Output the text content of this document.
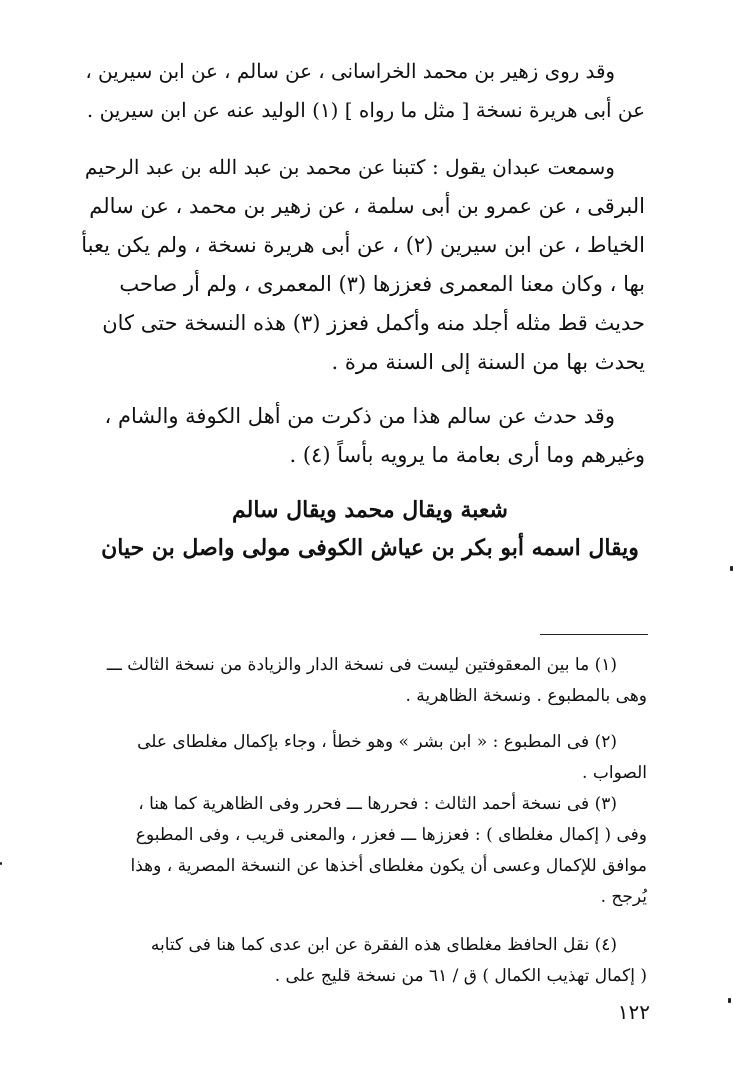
وقد روى زهير بن محمد الخراسانى ، عن سالم ، عن ابن سيرين ،
عن أبى هريرة نسخة [ مثل ما رواه ] (١) الوليد عنه عن ابن سيرين .
وسمعت عبدان يقول : كتبنا عن محمد بن عبد الله بن عبد الرحيم
البرقى ، عن عمرو بن أبى سلمة ، عن زهير بن محمد ، عن سالم
الخياط ، عن ابن سيرين (٢) ، عن أبى هريرة نسخة ، ولم يكن يعبأ
بها ، وكان معنا المعمرى فعززها (٣) المعمرى ، ولم أر صاحب
حديث قط مثله أجلد منه وأكمل فعزز (٣) هذه النسخة حتى كان
يحدث بها من السنة إلى السنة مرة .
وقد حدث عن سالم هذا من ذكرت من أهل الكوفة والشام ،
وغيرهم وما أرى بعامة ما يرويه بأساً (٤) .
شعبة ويقال محمد ويقال سالم
ويقال اسمه أبو بكر بن عياش الكوفى مولى واصل بن حيان
(١) ما بين المعقوفتين ليست فى نسخة الدار والزيادة من نسخة الثالث ـــ
وهى بالمطبوع . ونسخة الظاهرية .
(٢) فى المطبوع : « ابن بشر » وهو خطأ ، وجاء بإكمال مغلطاى على
الصواب .
(٣) فى نسخة أحمد الثالث : فحررها ـــ فحرر وفى الظاهرية كما هنا ،
وفى ( إكمال مغلطاى ) : فعززها ـــ فعزر ، والمعنى قريب ، وفى المطبوع
موافق للإكمال وعسى أن يكون مغلطاى أخذها عن النسخة المصرية ، وهذا
يُرجح .
(٤) نقل الحافظ مغلطاى هذه الفقرة عن ابن عدى كما هنا فى كتابه
( إكمال تهذيب الكمال ) ق / ٦١ من نسخة قليج على .
١٢٢
